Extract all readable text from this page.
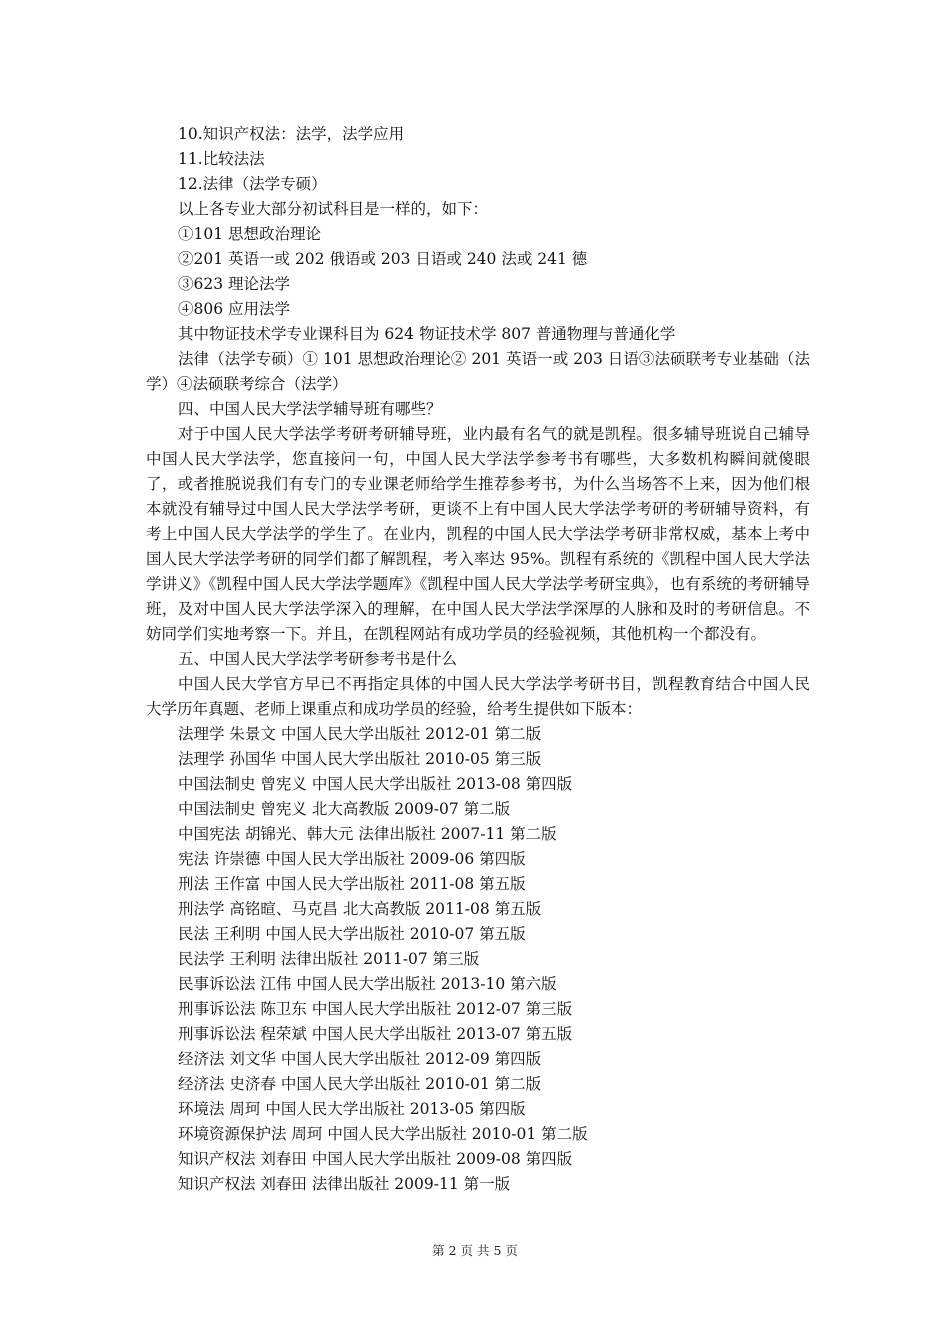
10.知识产权法：法学，法学应用

11.比较法法

12.法律（法学专硕）

以上各专业大部分初试科目是一样的，如下：

①101 思想政治理论

②201 英语一或 202 俄语或 203 日语或 240 法或 241 德

③623 理论法学

④806 应用法学

其中物证技术学专业课科目为 624 物证技术学 807 普通物理与普通化学

法律（法学专硕）① 101 思想政治理论② 201 英语一或 203 日语③法硕联考专业基础（法学）④法硕联考综合（法学）

四、中国人民大学法学辅导班有哪些？

对于中国人民大学法学考研考研辅导班，业内最有名气的就是凯程。很多辅导班说自己辅导中国人民大学法学，您直接问一句，中国人民大学法学参考书有哪些，大多数机构瞬间就傻眼了，或者推脱说我们有专门的专业课老师给学生推荐参考书，为什么当场答不上来，因为他们根本就没有辅导过中国人民大学法学考研，更谈不上有中国人民大学法学考研的考研辅导资料，有考上中国人民大学法学的学生了。在业内，凯程的中国人民大学法学考研非常权威，基本上考中国人民大学法学考研的同学们都了解凯程，考入率达 95%。凯程有系统的《凯程中国人民大学法学讲义》《凯程中国人民大学法学题库》《凯程中国人民大学法学考研宝典》，也有系统的考研辅导班，及对中国人民大学法学深入的理解，在中国人民大学法学深厚的人脉和及时的考研信息。不妨同学们实地考察一下。并且，在凯程网站有成功学员的经验视频，其他机构一个都没有。

五、中国人民大学法学考研参考书是什么

中国人民大学官方早已不再指定具体的中国人民大学法学考研书目，凯程教育结合中国人民大学历年真题、老师上课重点和成功学员的经验，给考生提供如下版本：

法理学 朱景文 中国人民大学出版社 2012-01 第二版

法理学 孙国华 中国人民大学出版社 2010-05 第三版

中国法制史 曾宪义 中国人民大学出版社 2013-08 第四版

中国法制史 曾宪义 北大高教版 2009-07 第二版

中国宪法 胡锦光、韩大元 法律出版社 2007-11 第二版

宪法 许崇德 中国人民大学出版社 2009-06 第四版

刑法 王作富 中国人民大学出版社 2011-08 第五版

刑法学 高铭暄、马克昌 北大高教版 2011-08 第五版

民法 王利明 中国人民大学出版社 2010-07 第五版

民法学 王利明 法律出版社 2011-07 第三版

民事诉讼法 江伟 中国人民大学出版社 2013-10 第六版

刑事诉讼法 陈卫东 中国人民大学出版社 2012-07 第三版

刑事诉讼法 程荣斌 中国人民大学出版社 2013-07 第五版

经济法 刘文华 中国人民大学出版社 2012-09 第四版

经济法 史济春 中国人民大学出版社 2010-01 第二版

环境法 周珂 中国人民大学出版社 2013-05 第四版

环境资源保护法 周珂 中国人民大学出版社 2010-01 第二版

知识产权法 刘春田 中国人民大学出版社 2009-08 第四版

知识产权法 刘春田 法律出版社 2009-11 第一版

第 2 页 共 5 页
